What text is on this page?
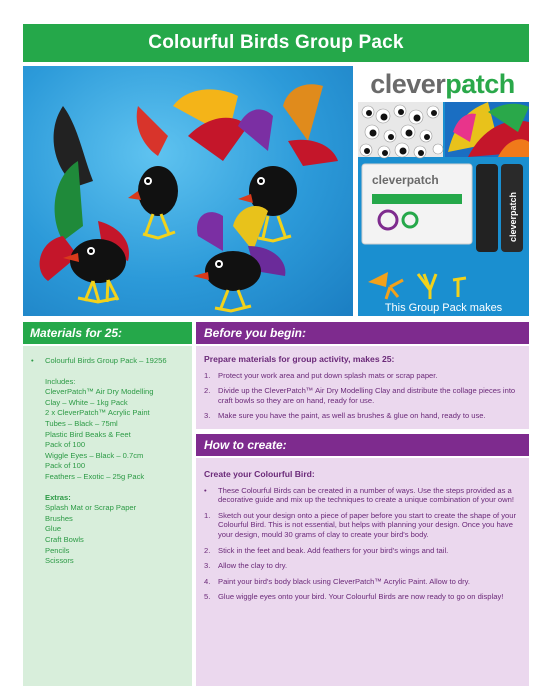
Colourful Birds Group Pack
cleverpatch
cleverpatch
cleverpatch
This Group Pack makes
Materials for 25:
•	Colourful Birds Group Pack – 19256
Includes:
CleverPatch™ Air Dry Modelling
Clay – White – 1kg Pack
2 x CleverPatch™ Acrylic Paint
Tubes – Black – 75ml
Plastic Bird Beaks & Feet
Pack of 100
Wiggle Eyes – Black – 0.7cm
Pack of 100
Feathers – Exotic – 25g Pack
Extras:
Splash Mat or Scrap Paper
Brushes
Glue
Craft Bowls
Pencils
Scissors
Before you begin:
Prepare materials for group activity, makes 25:
1.	Protect your work area and put down splash mats or scrap paper.
2.	Divide up the CleverPatch™ Air Dry Modelling Clay and distribute the collage pieces into craft bowls so they are on hand, ready for use.
3.	Make sure you have the paint, as well as brushes & glue on hand, ready to use.
How to create:
Create your Colourful Bird:
•	These Colourful Birds can be created in a number of ways. Use the steps provided as a decorative guide and mix up the techniques to create a unique combination of your own!
1.	Sketch out your design onto a piece of paper before you start to create the shape of your Colourful Bird. This is not essential, but helps with planning your design. Once you have your design, mould 30 grams of clay to create your bird's body.
2.	Stick in the feet and beak. Add feathers for your bird's wings and tail.
3.	Allow the clay to dry.
4.	Paint your bird's body black using CleverPatch™ Acrylic Paint. Allow to dry.
5.	Glue wiggle eyes onto your bird. Your Colourful Birds are now ready to go on display!
